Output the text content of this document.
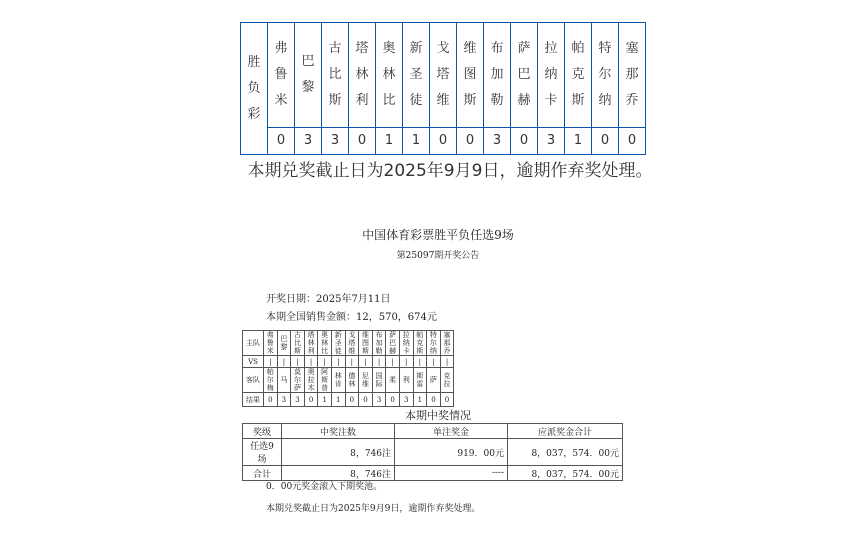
胜负彩	弗鲁米	巴黎	古比斯	塔林利	奥林比	新圣徒	戈塔维	维图斯	布加勒	萨巴赫	拉纳卡	帕克斯	特尔纳	塞那乔

	0	3	3	0	1	1	0	0	3	0	3	1	0	0
本期兑奖截止日为2025年9月9日，逾期作弃奖处理。
中国体育彩票胜平负任选9场
第25097期开奖公告
开奖日期：2025年7月11日
本期全国销售金额：12，570，674元
主队	弗鲁米	巴黎	古比斯	塔林利	奥林比	新圣徒	戈塔维	维图斯	布加勒	萨巴赫	拉纳卡	帕克斯	特尔纳	塞那乔

VS	|	|	|	|	|	|	|	|	|	|	|	|	|	|
客队	帕尔梅	马	莫尔萨	奥拉木	阿斯普	林肯	德林	尼维	国际	柔	利	斯雷	萨	克拉

结果	0	3	3	0	1	1	0	0	3	0	3	1	0	0
本期中奖情况
奖级	中奖注数	单注奖金	应派奖金合计
任选9场	8，746注	919．00元	8，037，574．00元
合计	8，746注	----	8，037，574．00元
0．00元奖金滚入下期奖池。
本期兑奖截止日为2025年9月9日，逾期作弃奖处理。
